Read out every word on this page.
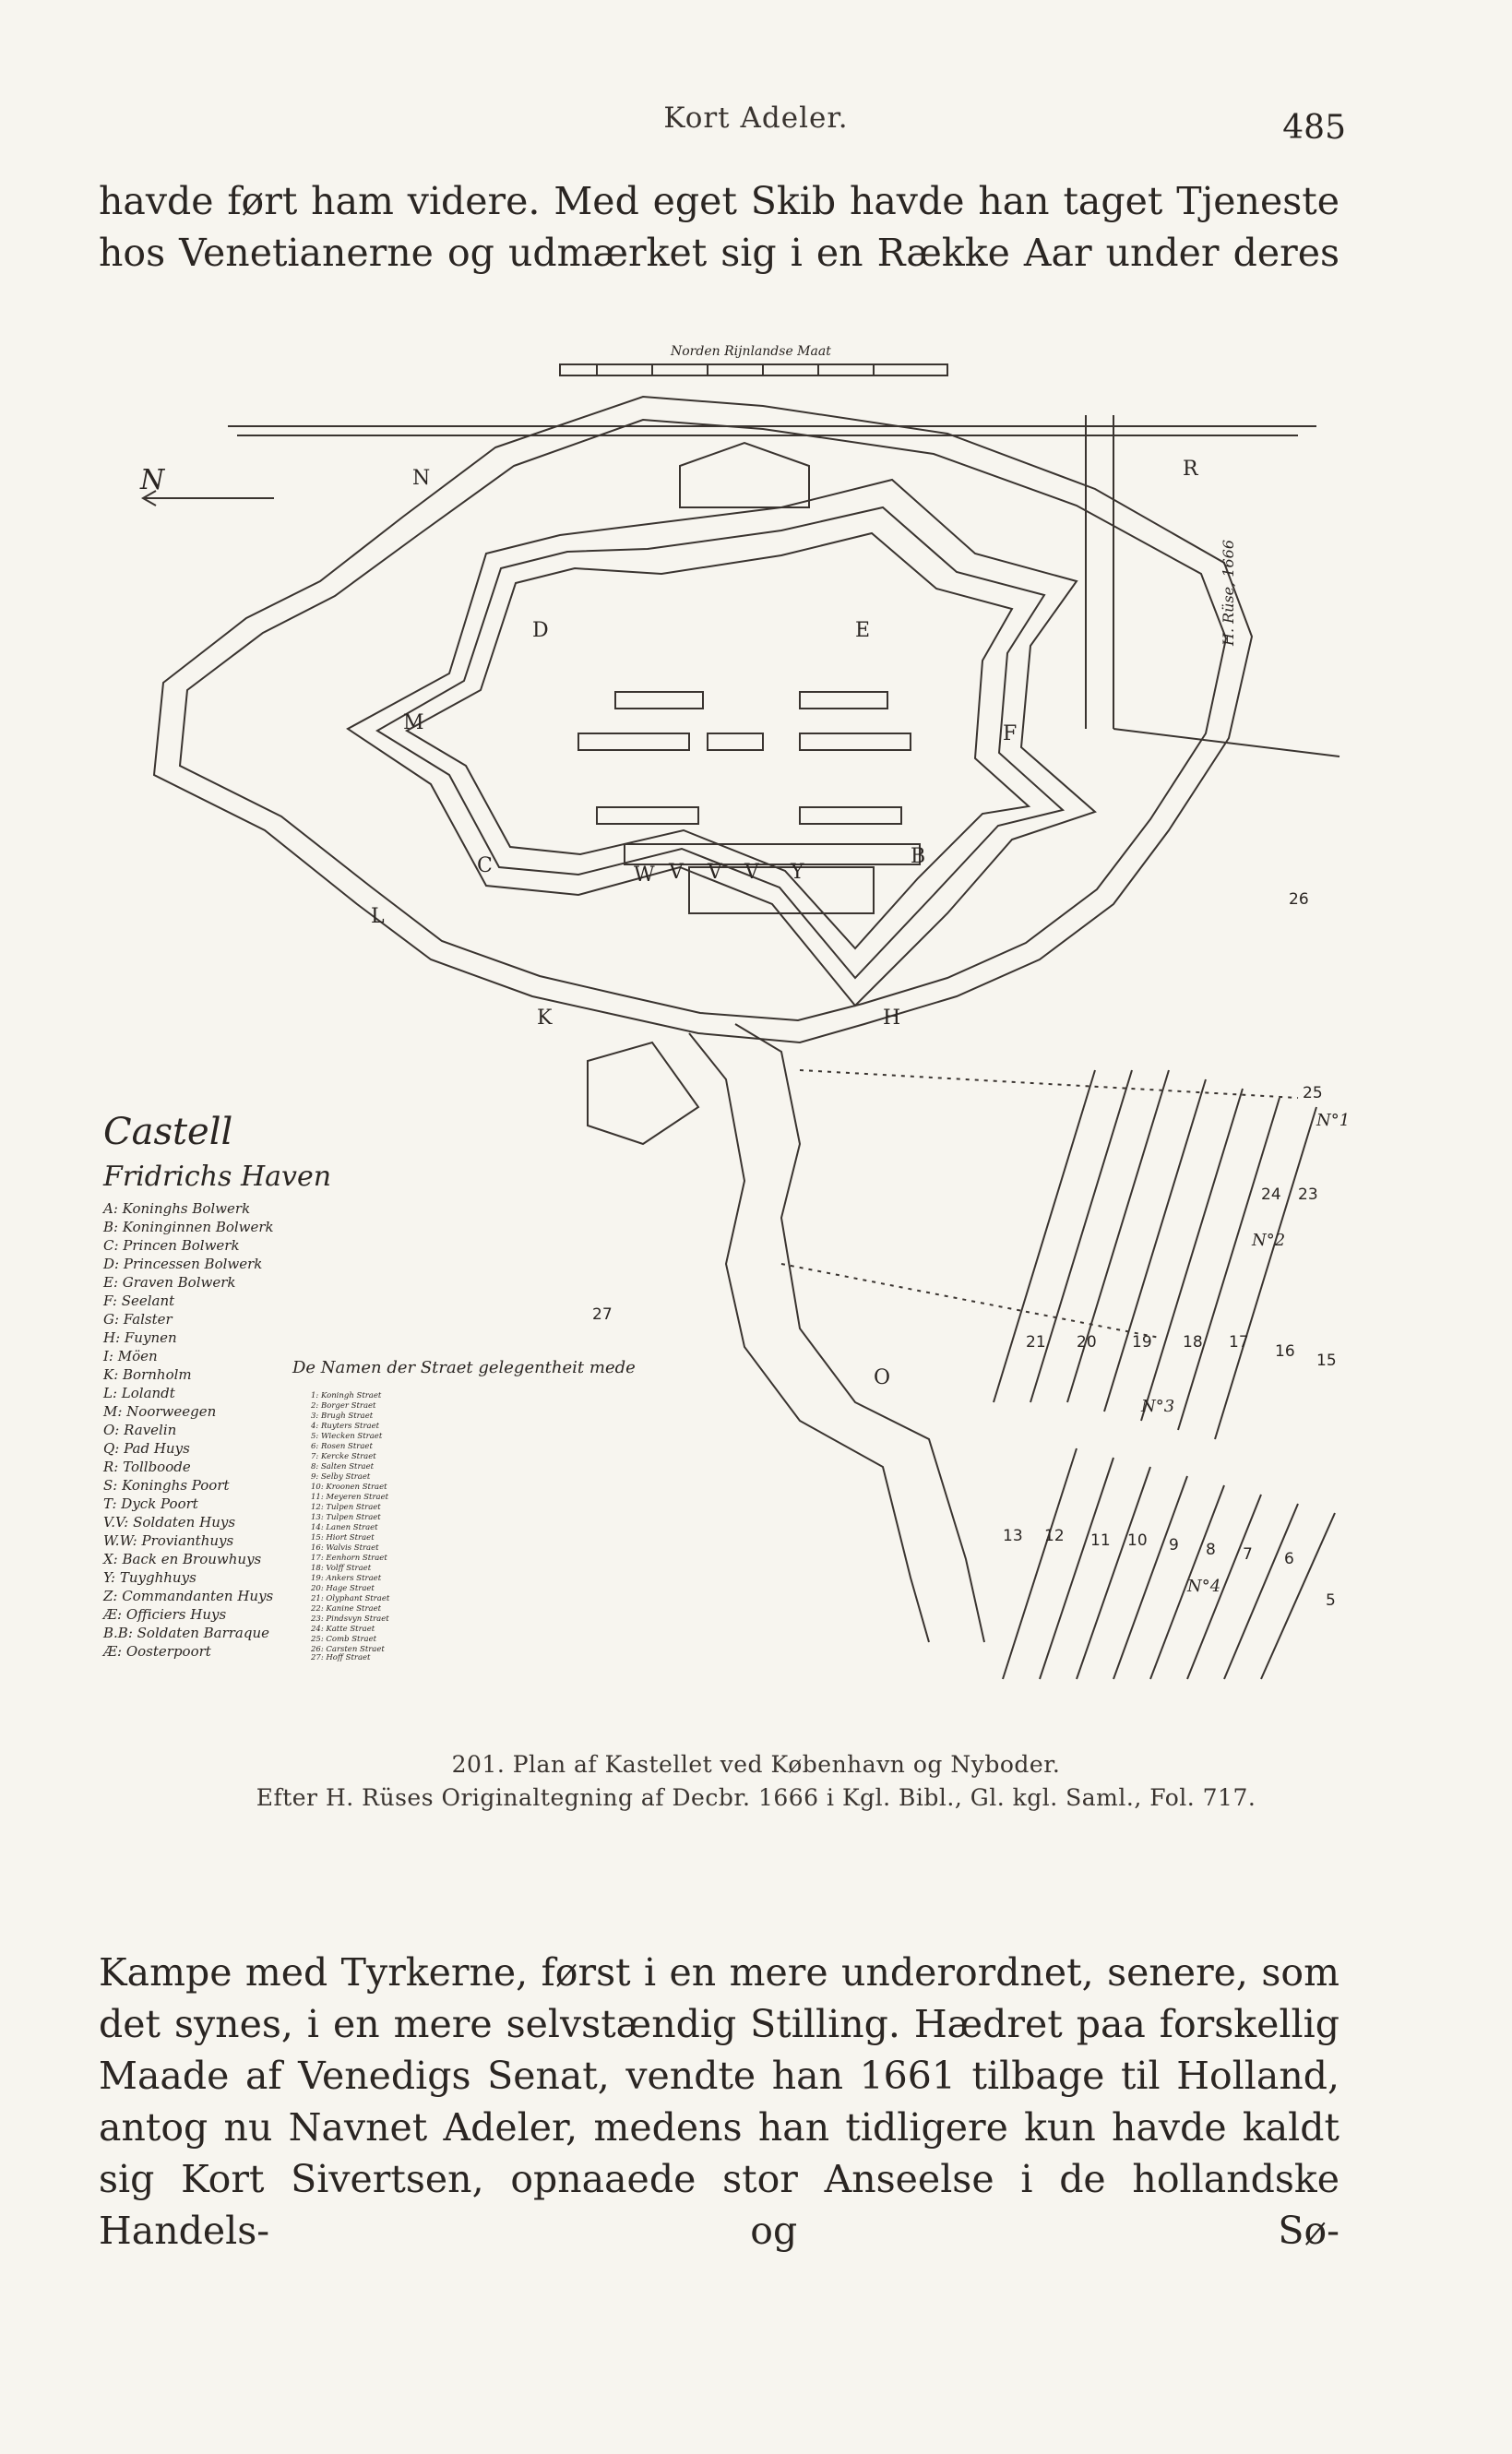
Kort Adeler.	485

havde ført ham videre. Med eget Skib havde han taget Tjeneste hos Venetianerne og udmærket sig i en Række Aar under deres

D	E
F
B
H
K
C
L
M
O
R
W V V V Y
N
Norden Rijnlandse Maat
N
H. Rüse, 1666
N°1
N°2
N°3
N°4
25
26
24 23
21 20 19 18 17 16 15
27
13 12 11 10 9 8 7 6
5
Castell
Fridrichs Haven
A: Koninghs Bolwerk
B: Koninginnen Bolwerk
C: Princen Bolwerk
D: Princessen Bolwerk
E: Graven Bolwerk
F: Seelant
G: Falster
H: Fuynen
I: Möen
K: Bornholm
L: Lolandt
M: Noorweegen
O: Ravelin
Q: Pad Huys
R: Tollboode
S: Koninghs Poort
T: Dyck Poort
V.V: Soldaten Huys
W.W: Provianthuys
X: Back en Brouwhuys
Y: Tuyghhuys
Z: Commandanten Huys
Æ: Officiers Huys
B.B: Soldaten Barraque
Æ: Oosterpoort
De Namen der Straet gelegentheit mede
1: Koningh Straet
2: Borger Straet
3: Brugh Straet
4: Ruyters Straet
5: Wiecken Straet
6: Rosen Straet
7: Kercke Straet
8: Salten Straet
9: Selby Straet
10: Kroonen Straet
11: Meyeren Straet
12: Tulpen Straet
13: Tulpen Straet
14: Lanen Straet
15: Hiort Straet
16: Walvis Straet
17: Eenhorn Straet
18: Volff Straet
19: Ankers Straet
20: Hage Straet
21: Olyphant Straet
22: Kanine Straet
23: Pindsvyn Straet
24: Katte Straet
25: Comb Straet
26: Carsten Straet
27: Hoff Straet
201. Plan af Kastellet ved København og Nyboder.
Efter H. Rüses Originaltegning af Decbr. 1666 i Kgl. Bibl., Gl. kgl. Saml., Fol. 717.

Kampe med Tyrkerne, først i en mere underordnet, senere, som det synes, i en mere selvstændig Stilling. Hædret paa forskellig Maade af Venedigs Senat, vendte han 1661 tilbage til Holland, antog nu Navnet Adeler, medens han tidligere kun havde kaldt sig Kort Sivertsen, opnaaede stor Anseelse i de hollandske Handels- og Sø-
